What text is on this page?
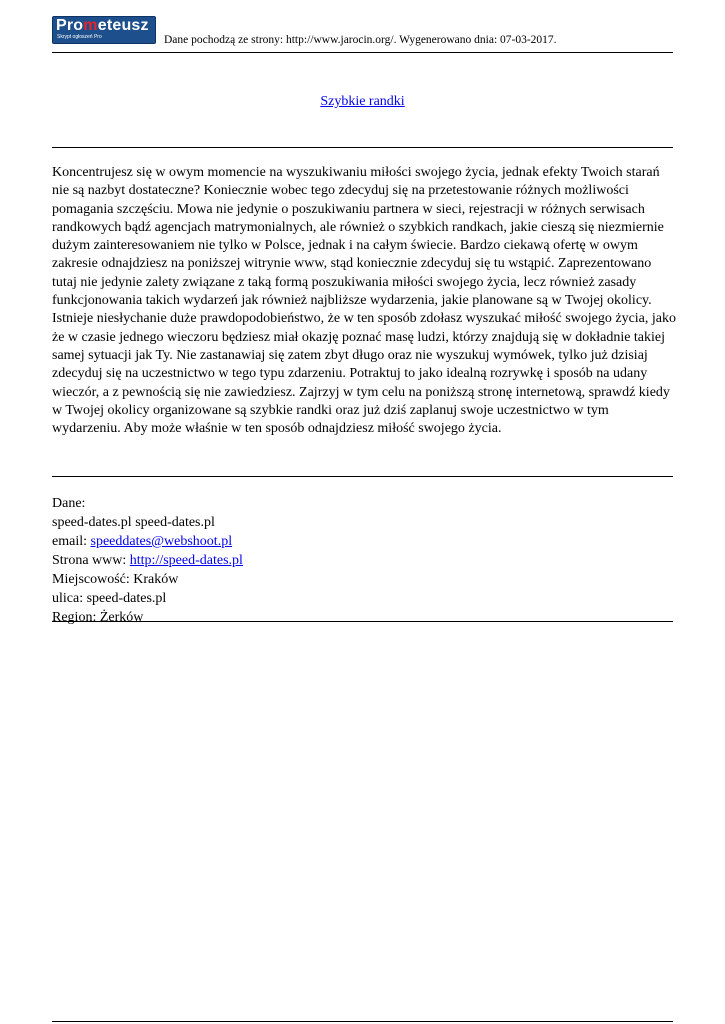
Prometeusz
Skrypt ogłoszeń Pro	Dane pochodzą ze strony: http://www.jarocin.org/. Wygenerowano dnia: 07-03-2017.
Szybkie randki
Koncentrujesz się w owym momencie na wyszukiwaniu miłości swojego życia, jednak efekty Twoich starań nie są nazbyt dostateczne? Koniecznie wobec tego zdecyduj się na przetestowanie różnych możliwości pomagania szczęściu. Mowa nie jedynie o poszukiwaniu partnera w sieci, rejestracji w różnych serwisach randkowych bądź agencjach matrymonialnych, ale również o szybkich randkach, jakie cieszą się niezmiernie dużym zainteresowaniem nie tylko w Polsce, jednak i na całym świecie. Bardzo ciekawą ofertę w owym zakresie odnajdziesz na poniższej witrynie www, stąd koniecznie zdecyduj się tu wstąpić. Zaprezentowano tutaj nie jedynie zalety związane z taką formą poszukiwania miłości swojego życia, lecz również zasady funkcjonowania takich wydarzeń jak również najbliższe wydarzenia, jakie planowane są w Twojej okolicy. Istnieje niesłychanie duże prawdopodobieństwo, że w ten sposób zdołasz wyszukać miłość swojego życia, jako że w czasie jednego wieczoru będziesz miał okazję poznać masę ludzi, którzy znajdują się w dokładnie takiej samej sytuacji jak Ty. Nie zastanawiaj się zatem zbyt długo oraz nie wyszukuj wymówek, tylko już dzisiaj zdecyduj się na uczestnictwo w tego typu zdarzeniu. Potraktuj to jako idealną rozrywkę i sposób na udany wieczór, a z pewnością się nie zawiedziesz. Zajrzyj w tym celu na poniższą stronę internetową, sprawdź kiedy w Twojej okolicy organizowane są szybkie randki oraz już dziś zaplanuj swoje uczestnictwo w tym wydarzeniu. Aby może właśnie w ten sposób odnajdziesz miłość swojego życia.
Dane:
speed-dates.pl speed-dates.pl
email: speeddates@webshoot.pl
Strona www: http://speed-dates.pl
Miejscowość: Kraków
ulica: speed-dates.pl
Region: Żerków
